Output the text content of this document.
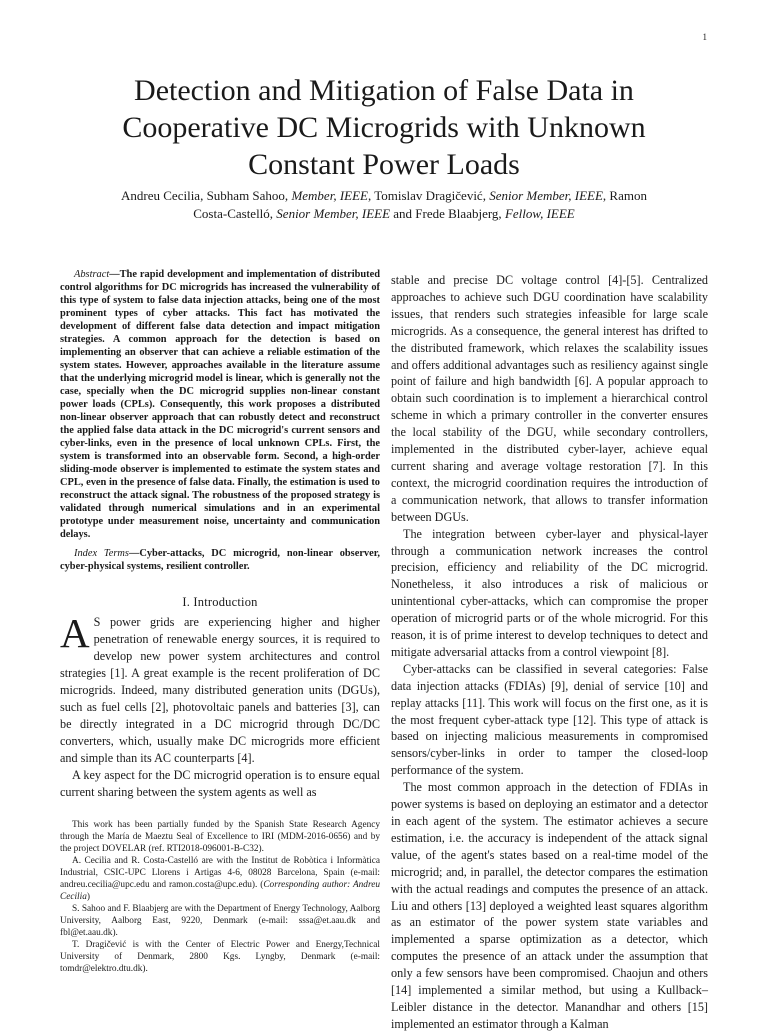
1
Detection and Mitigation of False Data in
Cooperative DC Microgrids with Unknown
Constant Power Loads
Andreu Cecilia, Subham Sahoo, Member, IEEE, Tomislav Dragičević, Senior Member, IEEE, Ramon
Costa-Castelló, Senior Member, IEEE and Frede Blaabjerg, Fellow, IEEE

Abstract—The rapid development and implementation of distributed control algorithms for DC microgrids has increased the vulnerability of this type of system to false data injection attacks, being one of the most prominent types of cyber attacks. This fact has motivated the development of different false data detection and impact mitigation strategies. A common approach for the detection is based on implementing an observer that can achieve a reliable estimation of the system states. However, approaches available in the literature assume that the underlying microgrid model is linear, which is generally not the case, specially when the DC microgrid supplies non-linear constant power loads (CPLs). Consequently, this work proposes a distributed non-linear observer approach that can robustly detect and reconstruct the applied false data attack in the DC microgrid's current sensors and cyber-links, even in the presence of local unknown CPLs. First, the system is transformed into an observable form. Second, a high-order sliding-mode observer is implemented to estimate the system states and CPL, even in the presence of false data. Finally, the estimation is used to reconstruct the attack signal. The robustness of the proposed strategy is validated through numerical simulations and in an experimental prototype under measurement noise, uncertainty and communication delays.

Index Terms—Cyber-attacks, DC microgrid, non-linear observer, cyber-physical systems, resilient controller.

I. Introduction

A S power grids are experiencing higher and higher penetration of renewable energy sources, it is required to develop new power system architectures and control strategies [1]. A great example is the recent proliferation of DC microgrids. Indeed, many distributed generation units (DGUs), such as fuel cells [2], photovoltaic panels and batteries [3], can be directly integrated in a DC microgrid through DC/DC converters, which, usually make DC microgrids more efficient and simple than its AC counterparts [4].

A key aspect for the DC microgrid operation is to ensure equal current sharing between the system agents as well as

This work has been partially funded by the Spanish State Research Agency through the María de Maeztu Seal of Excellence to IRI (MDM-2016-0656) and by the project DOVELAR (ref. RTI2018-096001-B-C32).

A. Cecilia and R. Costa-Castelló are with the Institut de Robòtica i Informàtica Industrial, CSIC-UPC Llorens i Artigas 4-6, 08028 Barcelona, Spain (e-mail: andreu.cecilia@upc.edu and ramon.costa@upc.edu). (Corresponding author: Andreu Cecilia)

S. Sahoo and F. Blaabjerg are with the Department of Energy Technology, Aalborg University, Aalborg East, 9220, Denmark (e-mail: sssa@et.aau.dk and fbl@et.aau.dk).

T. Dragičević is with the Center of Electric Power and Energy,Technical University of Denmark, 2800 Kgs. Lyngby, Denmark (e-mail: tomdr@elektro.dtu.dk).

stable and precise DC voltage control [4]-[5]. Centralized approaches to achieve such DGU coordination have scalability issues, that renders such strategies infeasible for large scale microgrids. As a consequence, the general interest has drifted to the distributed framework, which relaxes the scalability issues and offers additional advantages such as resiliency against single point of failure and high bandwidth [6]. A popular approach to obtain such coordination is to implement a hierarchical control scheme in which a primary controller in the converter ensures the local stability of the DGU, while secondary controllers, implemented in the distributed cyber-layer, achieve equal current sharing and average voltage restoration [7]. In this context, the microgrid coordination requires the introduction of a communication network, that allows to transfer information between DGUs.

The integration between cyber-layer and physical-layer through a communication network increases the control precision, efficiency and reliability of the DC microgrid. Nonetheless, it also introduces a risk of malicious or unintentional cyber-attacks, which can compromise the proper operation of microgrid parts or of the whole microgrid. For this reason, it is of prime interest to develop techniques to detect and mitigate adversarial attacks from a control viewpoint [8].

Cyber-attacks can be classified in several categories: False data injection attacks (FDIAs) [9], denial of service [10] and replay attacks [11]. This work will focus on the first one, as it is the most frequent cyber-attack type [12]. This type of attack is based on injecting malicious measurements in compromised sensors/cyber-links in order to tamper the closed-loop performance of the system.

The most common approach in the detection of FDIAs in power systems is based on deploying an estimator and a detector in each agent of the system. The estimator achieves a secure estimation, i.e. the accuracy is independent of the attack signal value, of the agent's states based on a real-time model of the microgrid; and, in parallel, the detector compares the estimation with the actual readings and computes the presence of an attack. Liu and others [13] deployed a weighted least squares algorithm as an estimator of the power system state variables and implemented a sparse optimization as a detector, which computes the presence of an attack under the assumption that only a few sensors have been compromised. Chaojun and others [14] implemented a similar method, but using a Kullback–Leibler distance in the detector. Manandhar and others [15] implemented an estimator through a Kalman
